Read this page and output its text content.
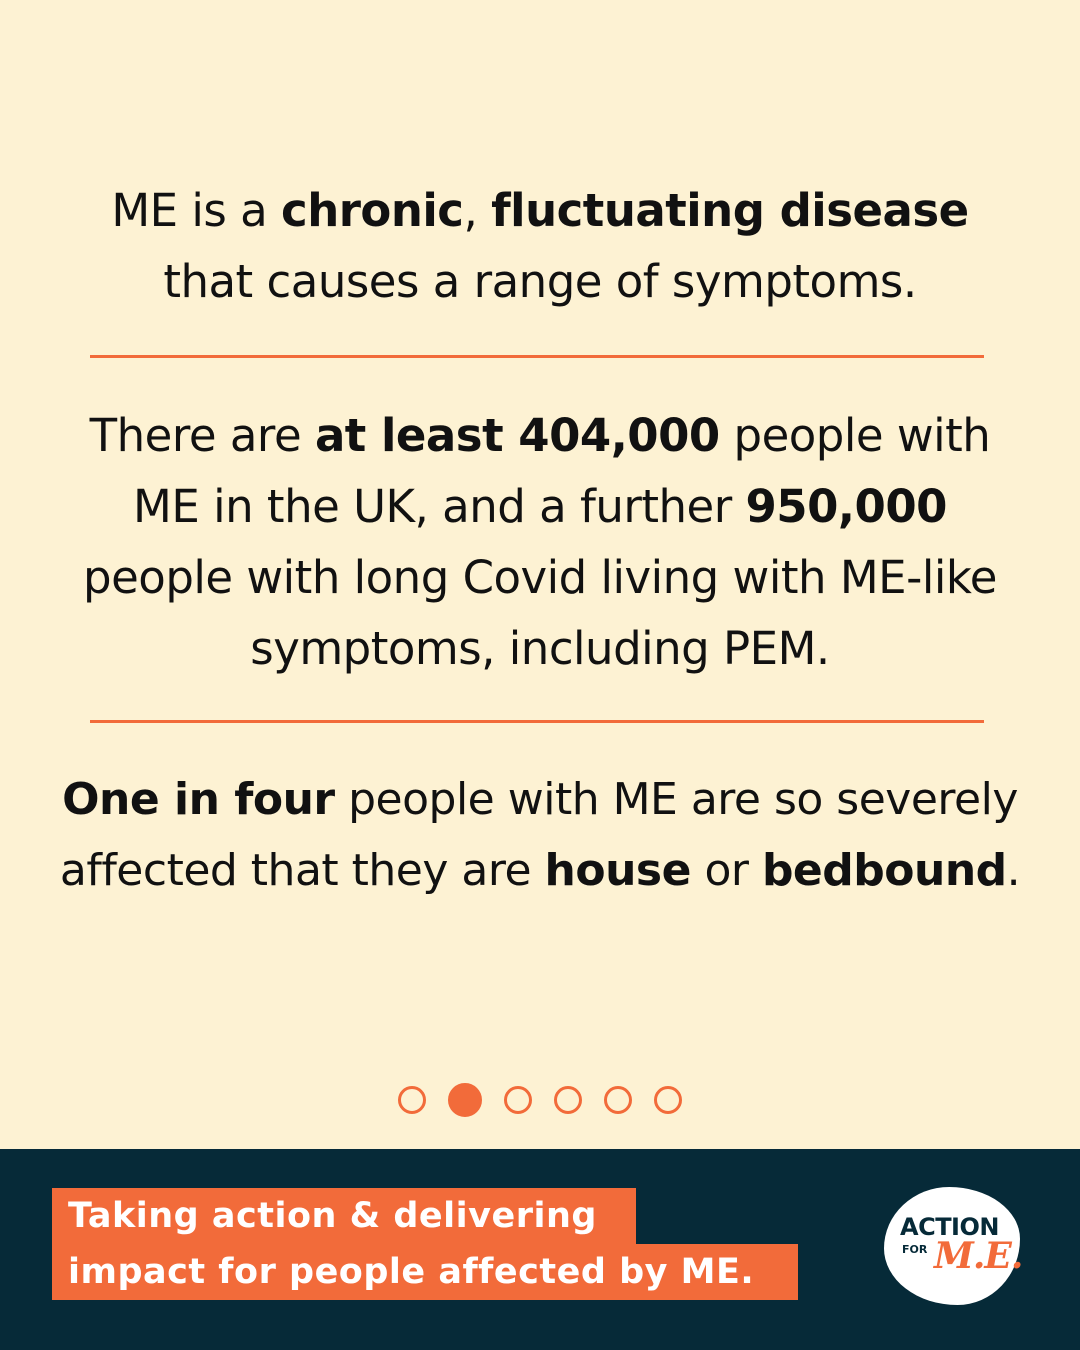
ME is a chronic, fluctuating disease
that causes a range of symptoms.
There are at least 404,000 people with ME in the UK, and a further 950,000 people with long Covid living with ME-like symptoms, including PEM.
One in four people with ME are so severely affected that they are house or bedbound.
Taking action & delivering
impact for people affected by ME.
ACTION
FOR M.E.
